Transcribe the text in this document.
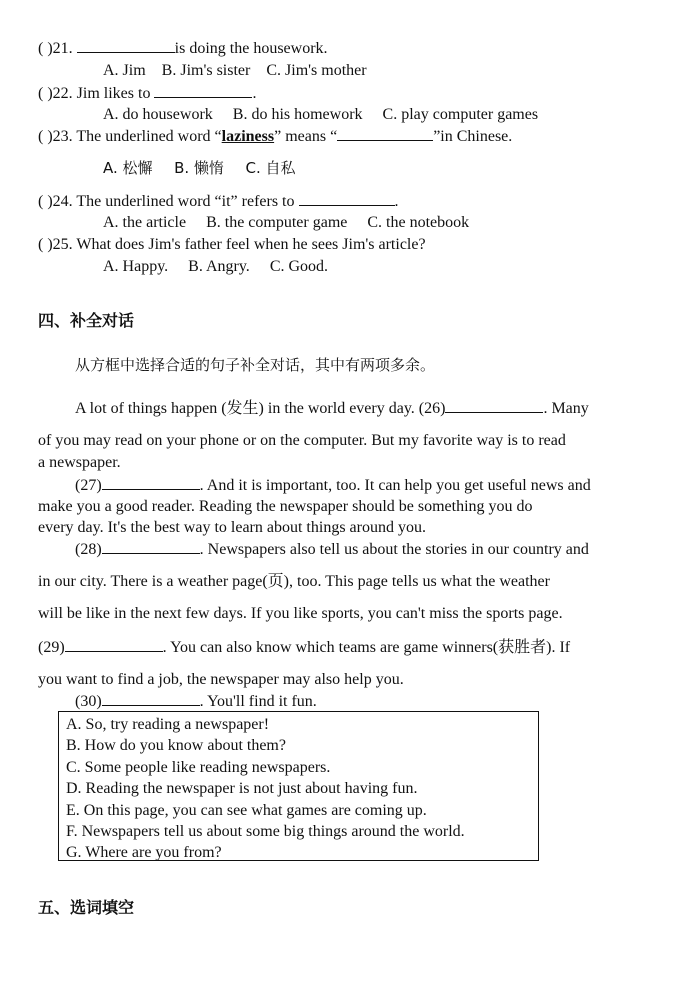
( )21.	is doing the housework.
A. Jim B. Jim's sister C. Jim's mother
( )22. Jim likes to	.
A. do housework B. do his homework C. play computer games
( )23. The underlined word “laziness” means “	”in Chinese.
A. 松懈 B. 懒惰 C. 自私
( )24. The underlined word “it” refers to	.
A. the article B. the computer game C. the notebook
( )25. What does Jim's father feel when he sees Jim's article?
A. Happy. B. Angry. C. Good.
四、补全对话
从方框中选择合适的句子补全对话，其中有两项多余。
A lot of things happen (发生) in the world every day. (26)	. Many
of you may read on your phone or on the computer. But my favorite way is to read
a newspaper.
(27)	. And it is important, too. It can help you get useful news and
make you a good reader. Reading the newspaper should be something you do
every day. It's the best way to learn about things around you.
(28)	. Newspapers also tell us about the stories in our country and
in our city. There is a weather page(页), too. This page tells us what the weather
will be like in the next few days. If you like sports, you can't miss the sports page.
(29)	. You can also know which teams are game winners(获胜者). If
you want to find a job, the newspaper may also help you.
(30)	. You'll find it fun.
A. So, try reading a newspaper!
B. How do you know about them?
C. Some people like reading newspapers.
D. Reading the newspaper is not just about having fun.
E. On this page, you can see what games are coming up.
F. Newspapers tell us about some big things around the world.
G. Where are you from?
五、选词填空
